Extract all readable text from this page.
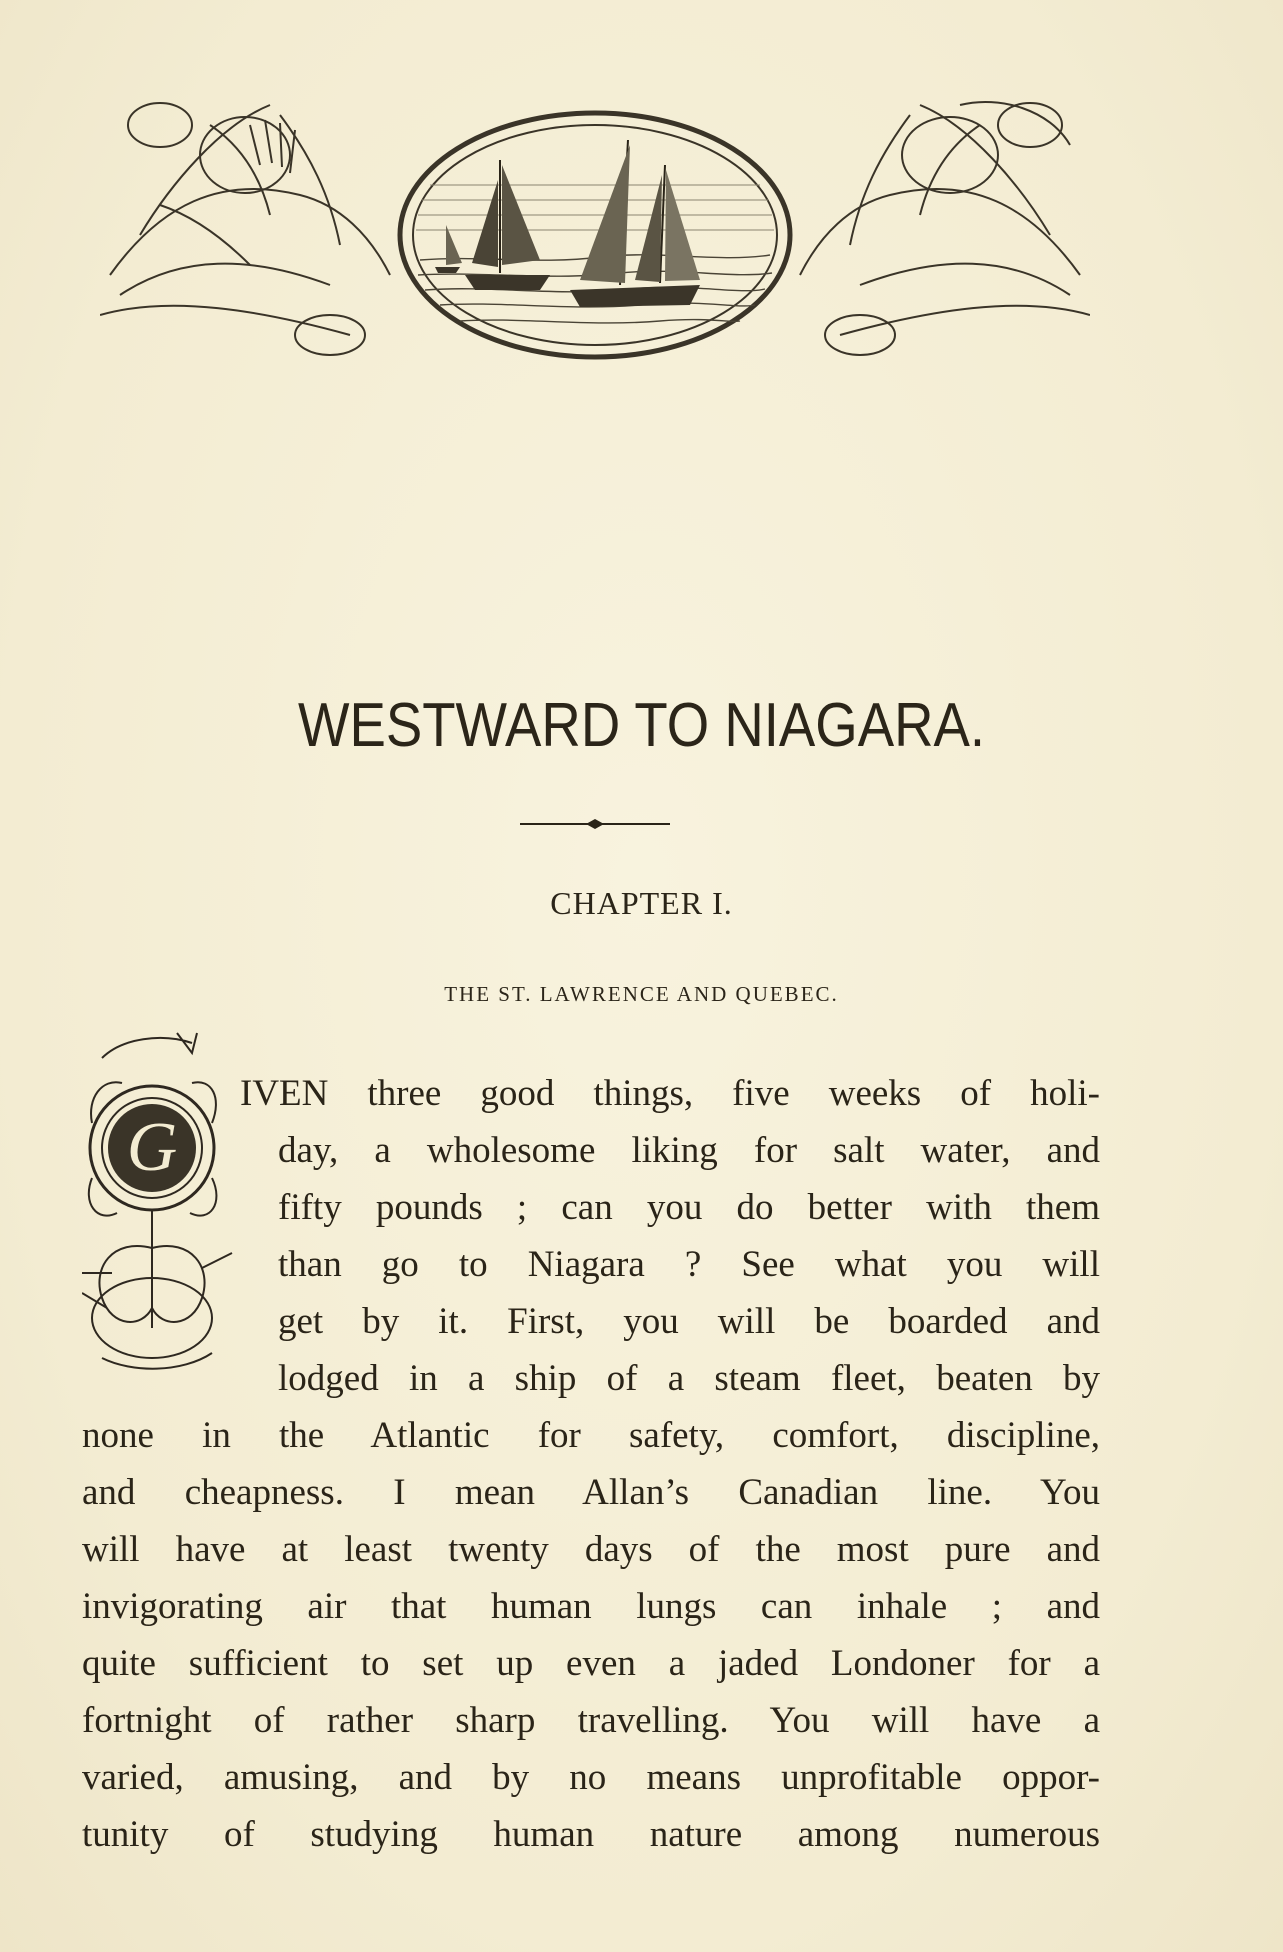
WESTWARD TO NIAGARA.
CHAPTER I.
THE ST. LAWRENCE AND QUEBEC.
G
IVEN three good things, five weeks of holi-
day, a wholesome liking for salt water, and
fifty pounds ; can you do better with them
than go to Niagara ? See what you will
get by it. First, you will be boarded and
lodged in a ship of a steam fleet, beaten by
none in the Atlantic for safety, comfort, discipline,
and cheapness. I mean Allan’s Canadian line. You
will have at least twenty days of the most pure and
invigorating air that human lungs can inhale ; and
quite sufficient to set up even a jaded Londoner for a
fortnight of rather sharp travelling. You will have a
varied, amusing, and by no means unprofitable oppor-
tunity of studying human nature among numerous
